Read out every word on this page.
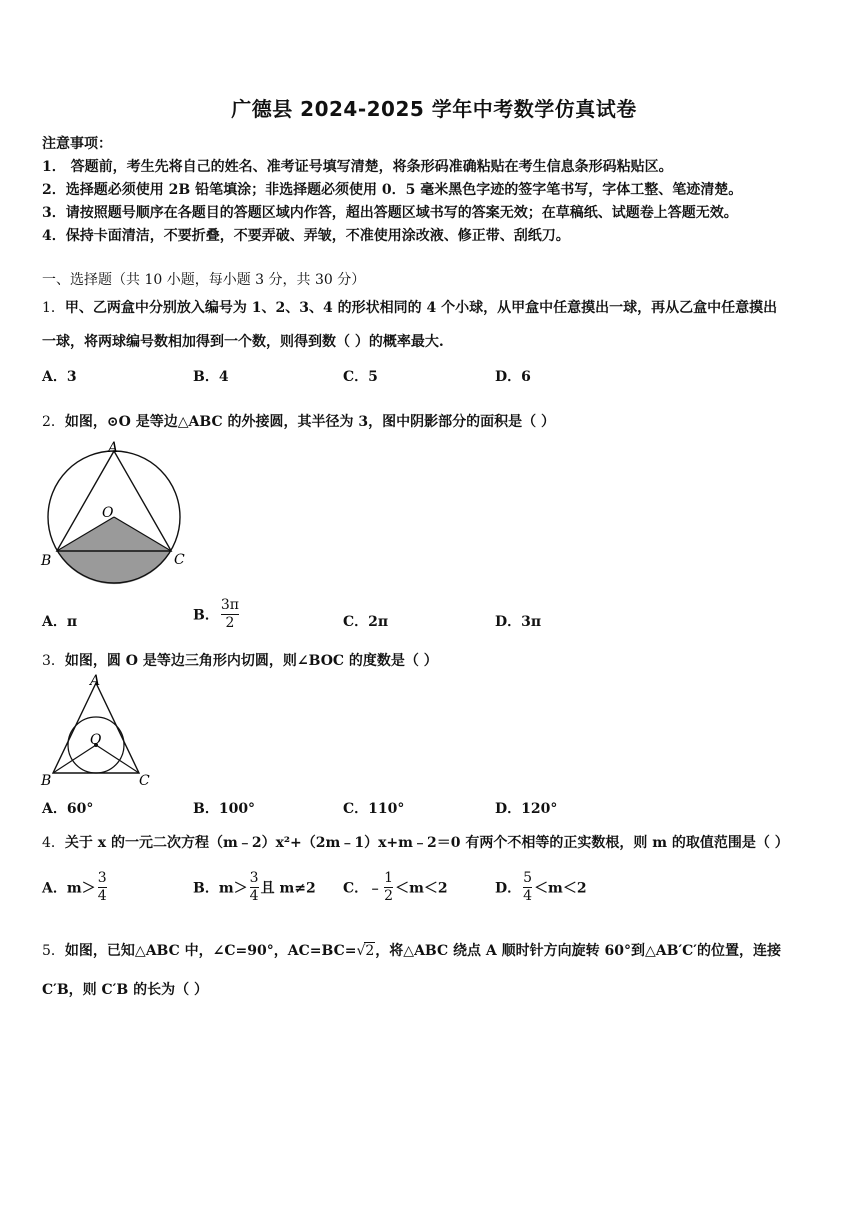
广德县 2024-2025 学年中考数学仿真试卷
注意事项：
1． 答题前，考生先将自己的姓名、准考证号填写清楚，将条形码准确粘贴在考生信息条形码粘贴区。
2．选择题必须使用 2B 铅笔填涂；非选择题必须使用 0．5 毫米黑色字迹的签字笔书写，字体工整、笔迹清楚。
3．请按照题号顺序在各题目的答题区域内作答，超出答题区域书写的答案无效；在草稿纸、试题卷上答题无效。
4．保持卡面清洁，不要折叠，不要弄破、弄皱，不准使用涂改液、修正带、刮纸刀。
一、选择题（共 10 小题，每小题 3 分，共 30 分）
1．甲、乙两盒中分别放入编号为 1、2、3、4 的形状相同的 4 个小球，从甲盒中任意摸出一球，再从乙盒中任意摸出
一球，将两球编号数相加得到一个数，则得到数（ ）的概率最大.
A．3	B．4	C．5	D．6
2．如图，⊙O 是等边△ABC 的外接圆，其半径为 3，图中阴影部分的面积是（ ）
A
O
B	C
A．π	B． $\frac{3\pi}{2}$	C．2π	D．3π
3．如图，圆 O 是等边三角形内切圆，则∠BOC 的度数是（ ）
A
O
B	C
A．60°	B．100°	C．110°	D．120°
4．关于 x 的一元二次方程（m﹣2）x²+（2m﹣1）x+m﹣2＝0 有两个不相等的正实数根，则 m 的取值范围是（ ）
A．$m> \frac{3}{4}$	B．$m> \frac{3}{4}$ 且 m≠2 C．﹣ $\frac{1}{2} <m<2$	D． $\frac{5}{4} <m<2$
5．如图，已知△ABC 中，∠C=90°，AC=BC=√2，将△ABC 绕点 A 顺时针方向旋转 60°到△AB′C′的位置，连接
C′B，则 C′B 的长为（ ）
